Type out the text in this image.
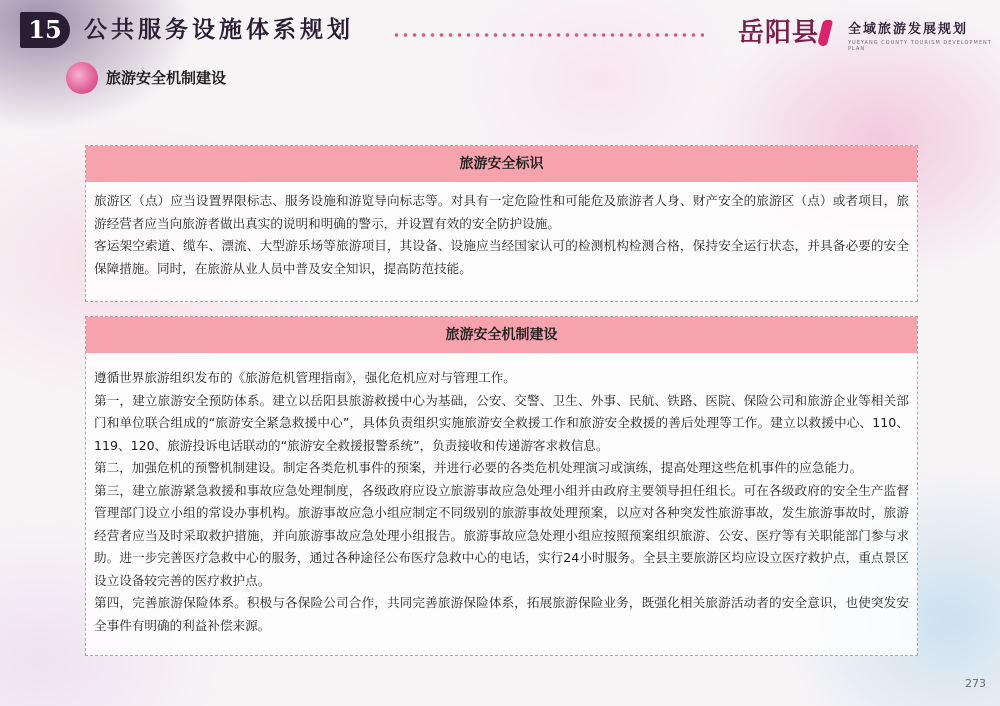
15 公共服务设施体系规划	岳阳县 全域旅游发展规划
YUEYANG COUNTY TOURISM DEVELOPMENT PLAN
旅游安全机制建设
旅游安全标识

旅游区（点）应当设置界限标志、服务设施和游览导向标志等。对具有一定危险性和可能危及旅游者人身、财产安全的旅游区（点）或者项目，旅游经营者应当向旅游者做出真实的说明和明确的警示，并设置有效的安全防护设施。

客运架空索道、缆车、漂流、大型游乐场等旅游项目，其设备、设施应当经国家认可的检测机构检测合格，保持安全运行状态，并具备必要的安全保障措施。同时，在旅游从业人员中普及安全知识，提高防范技能。

旅游安全机制建设

遵循世界旅游组织发布的《旅游危机管理指南》，强化危机应对与管理工作。

第一，建立旅游安全预防体系。建立以岳阳县旅游救援中心为基础，公安、交警、卫生、外事、民航、铁路、医院、保险公司和旅游企业等相关部门和单位联合组成的“旅游安全紧急救援中心”，具体负责组织实施旅游安全救援工作和旅游安全救援的善后处理等工作。建立以救援中心、110、119、120、旅游投诉电话联动的“旅游安全救援报警系统”，负责接收和传递游客求救信息。

第二，加强危机的预警机制建设。制定各类危机事件的预案，并进行必要的各类危机处理演习或演练，提高处理这些危机事件的应急能力。

第三，建立旅游紧急救援和事故应急处理制度，各级政府应设立旅游事故应急处理小组并由政府主要领导担任组长。可在各级政府的安全生产监督管理部门设立小组的常设办事机构。旅游事故应急小组应制定不同级别的旅游事故处理预案，以应对各种突发性旅游事故，发生旅游事故时，旅游经营者应当及时采取救护措施，并向旅游事故应急处理小组报告。旅游事故应急处理小组应按照预案组织旅游、公安、医疗等有关职能部门参与求助。进一步完善医疗急救中心的服务，通过各种途径公布医疗急救中心的电话，实行24小时服务。全县主要旅游区均应设立医疗救护点，重点景区设立设备较完善的医疗救护点。

第四，完善旅游保险体系。积极与各保险公司合作，共同完善旅游保险体系，拓展旅游保险业务，既强化相关旅游活动者的安全意识，也使突发安全事件有明确的利益补偿来源。

273
